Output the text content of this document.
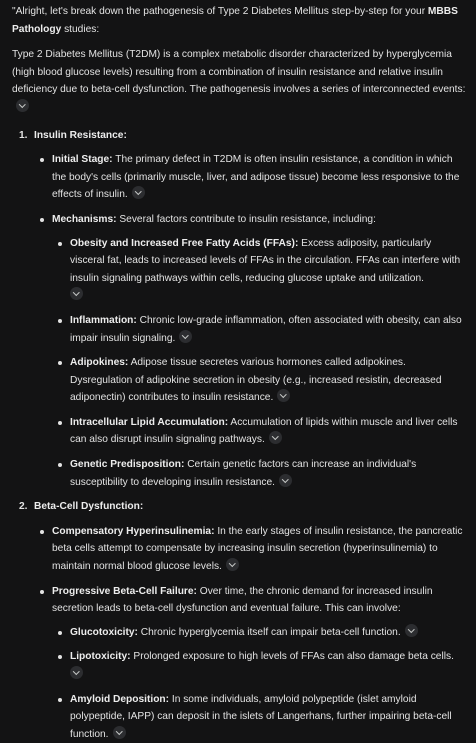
"Alright, let's break down the pathogenesis of Type 2 Diabetes Mellitus step-by-step for your MBBS Pathology studies:

Type 2 Diabetes Mellitus (T2DM) is a complex metabolic disorder characterized by hyperglycemia (high blood glucose levels) resulting from a combination of insulin resistance and relative insulin deficiency due to beta-cell dysfunction. The pathogenesis involves a series of interconnected events:

1. Insulin Resistance:
Initial Stage: The primary defect in T2DM is often insulin resistance, a condition in which the body's cells (primarily muscle, liver, and adipose tissue) become less responsive to the effects of insulin.
Mechanisms: Several factors contribute to insulin resistance, including:
Obesity and Increased Free Fatty Acids (FFAs): Excess adiposity, particularly visceral fat, leads to increased levels of FFAs in the circulation. FFAs can interfere with insulin signaling pathways within cells, reducing glucose uptake and utilization.

Inflammation: Chronic low-grade inflammation, often associated with obesity, can also impair insulin signaling.
Adipokines: Adipose tissue secretes various hormones called adipokines. Dysregulation of adipokine secretion in obesity (e.g., increased resistin, decreased adiponectin) contributes to insulin resistance.
Intracellular Lipid Accumulation: Accumulation of lipids within muscle and liver cells can also disrupt insulin signaling pathways.
Genetic Predisposition: Certain genetic factors can increase an individual's susceptibility to developing insulin resistance.
2. Beta-Cell Dysfunction:
Compensatory Hyperinsulinemia: In the early stages of insulin resistance, the pancreatic beta cells attempt to compensate by increasing insulin secretion (hyperinsulinemia) to maintain normal blood glucose levels.
Progressive Beta-Cell Failure: Over time, the chronic demand for increased insulin secretion leads to beta-cell dysfunction and eventual failure. This can involve:
Glucotoxicity: Chronic hyperglycemia itself can impair beta-cell function.
Lipotoxicity: Prolonged exposure to high levels of FFAs can also damage beta cells.

Amyloid Deposition: In some individuals, amyloid polypeptide (islet amyloid polypeptide, IAPP) can deposit in the islets of Langerhans, further impairing beta-cell function.
